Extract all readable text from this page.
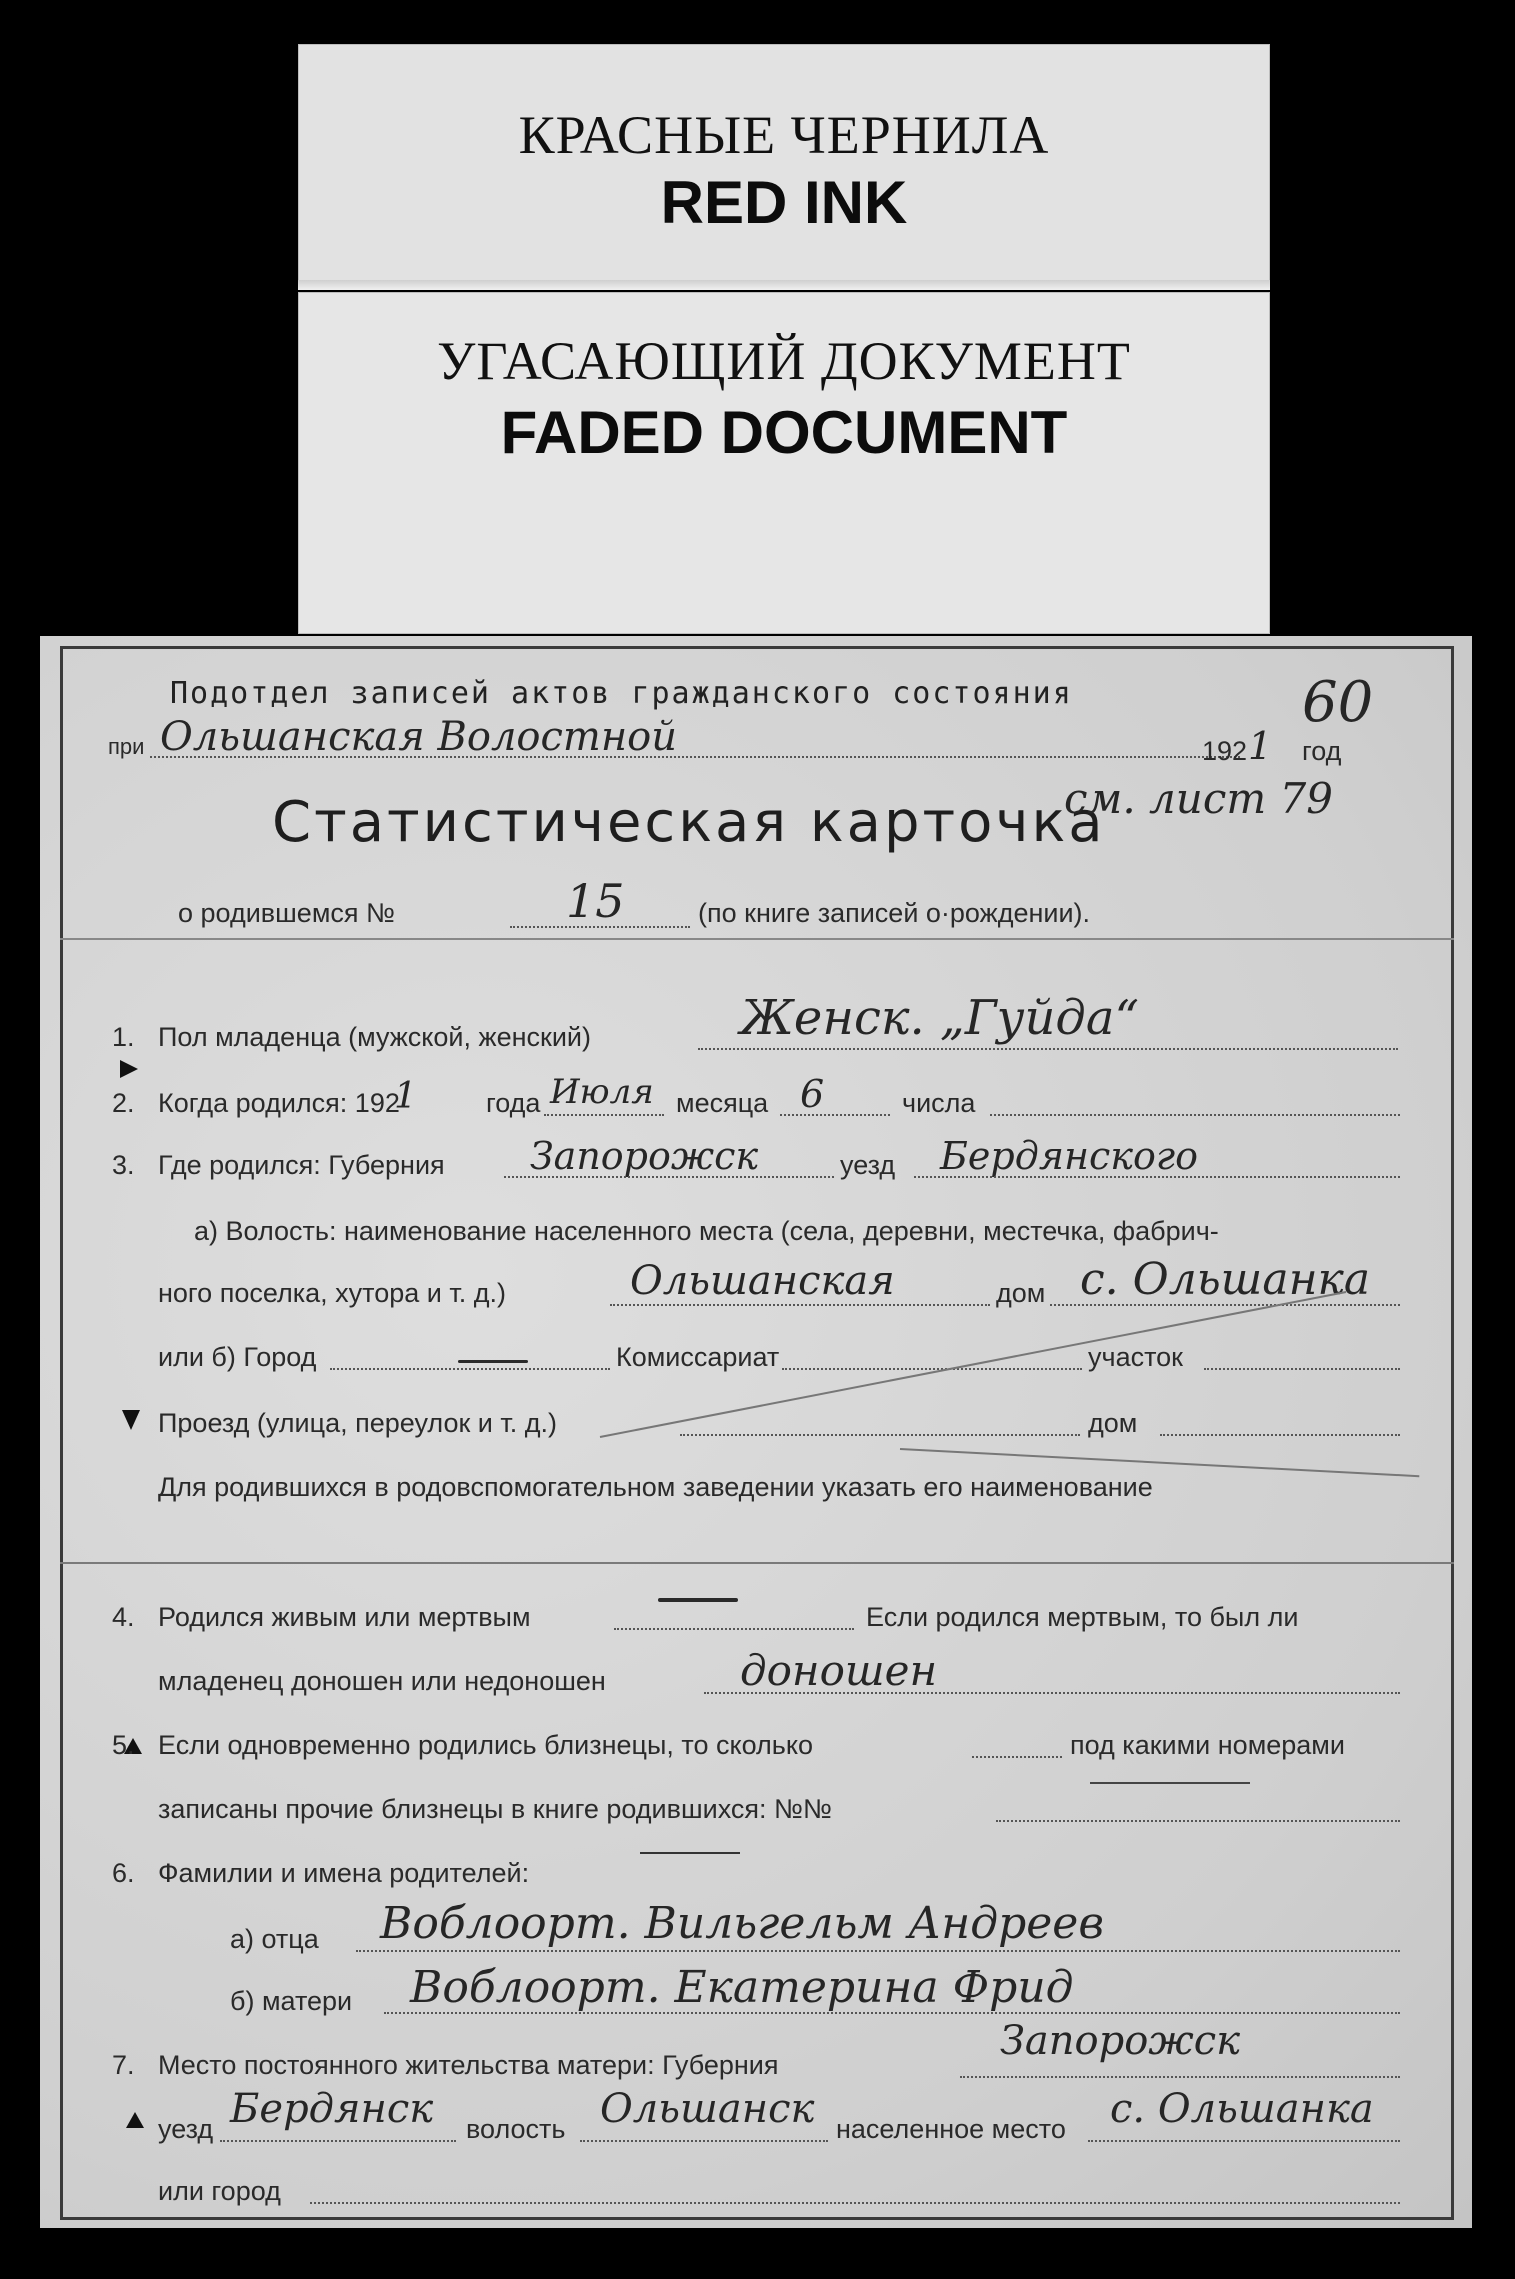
КРАСНЫЕ ЧЕРНИЛА
RED INK
УГАСАЮЩИЙ ДОКУМЕНТ
FADED DOCUMENT
Подотдел записей актов гражданского состояния
при Ольшанская Волостной	192 1 год
60
Статистическая карточка
см. лист 79
о родившемся №	15	(по книге записей о·рождении).
1. Пол младенца (мужской, женский)	Женск. „Гуйда“
2. Когда родился: 192
1	года Июля месяца 6	числа
3. Где родился: Губерния Запорожск	уезд Бердянского
а) Волость: наименование населенного места (села, деревни, местечка, фабрич-
ного поселка, хутора и т. д.)	Ольшанская	дом с. Ольшанка
или б) Город	Комиссариат	участок
Проезд (улица, переулок и т. д.)	дом
Для родившихся в родовспомогательном заведении указать его наименование
4. Родился живым или мертвым	Если родился мертвым, то был ли
младенец доношен или недоношен	доношен
5. Если одновременно родились близнецы, то сколько	под какими номерами
записаны прочие близнецы в книге родившихся: №№
6. Фамилии и имена родителей:
а) отца Воблоорт. Вильгельм Андреев
б) матери Воблоорт. Екатерина Фрид
7. Место постоянного жительства матери: Губерния
Запорожск
уезд Бердянск волость Ольшанск населенное место с. Ольшанка
или город
